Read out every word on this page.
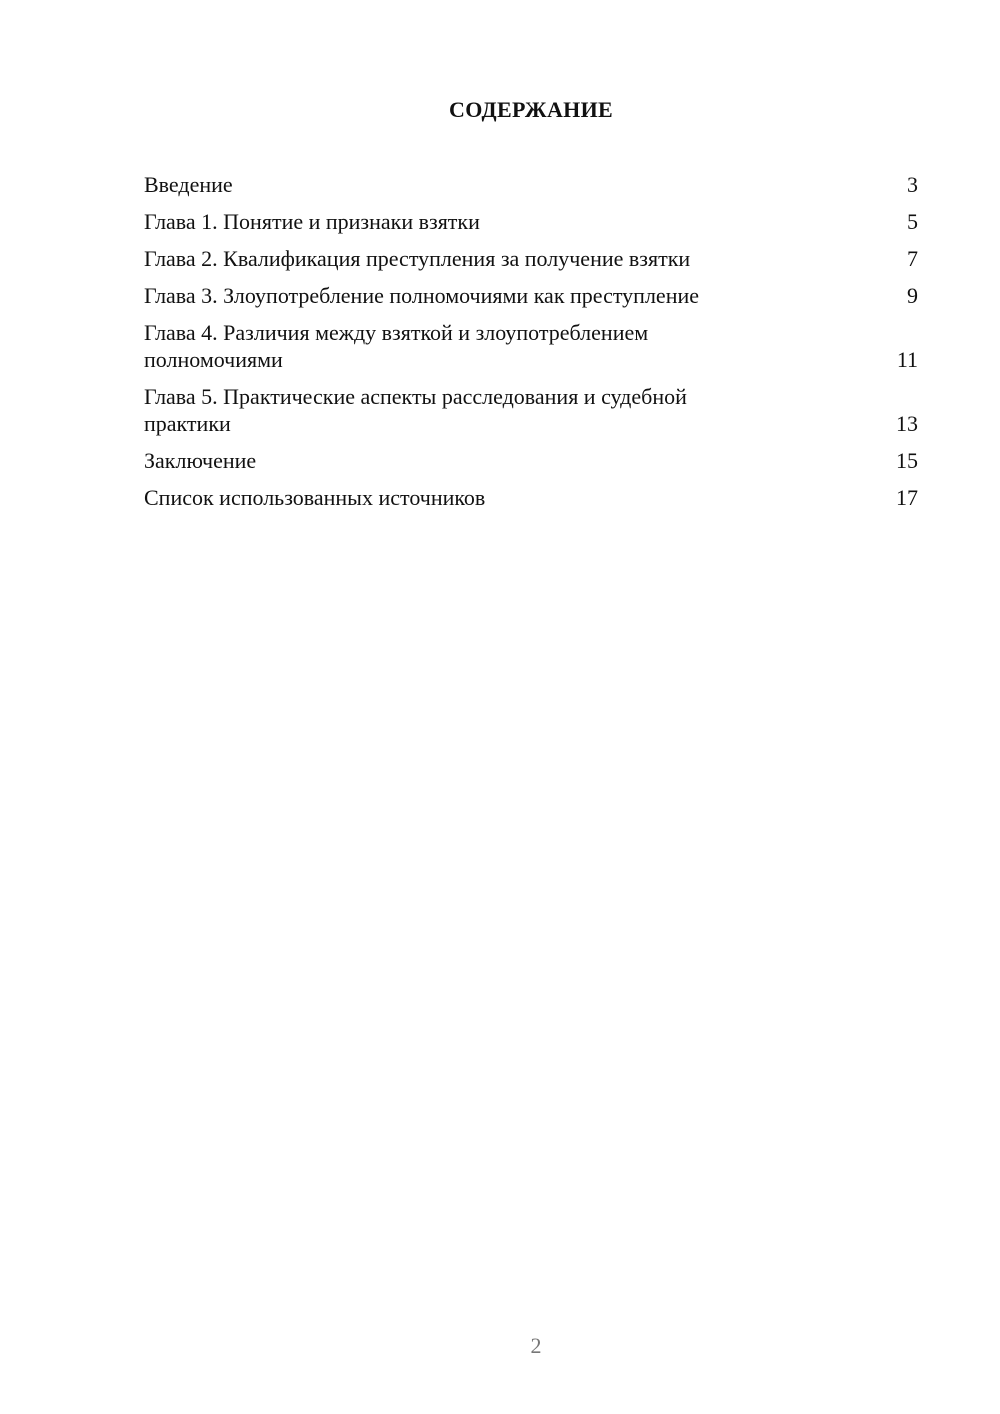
СОДЕРЖАНИЕ
Введение	3
Глава 1. Понятие и признаки взятки	5
Глава 2. Квалификация преступления за получение взятки	7
Глава 3. Злоупотребление полномочиями как преступление	9
Глава 4. Различия между взяткой и злоупотреблением
полномочиями	11
Глава 5. Практические аспекты расследования и судебной
практики	13
Заключение	15
Список использованных источников	17
2
